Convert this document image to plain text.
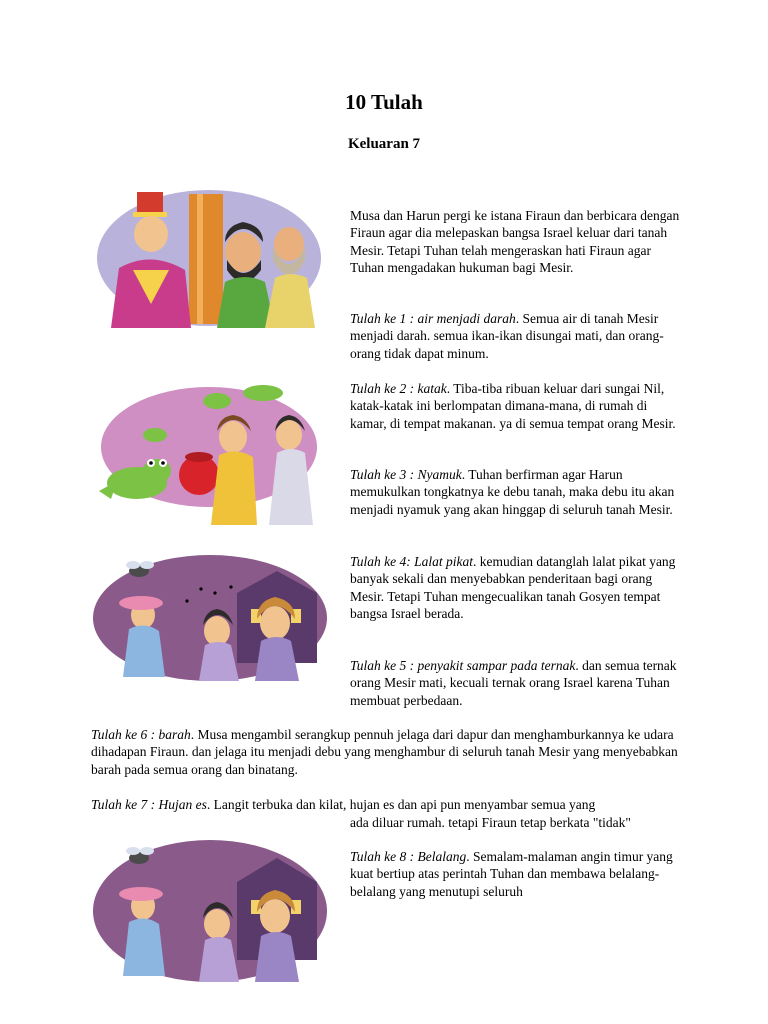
10 Tulah
Keluaran 7

Musa dan Harun pergi ke istana Firaun dan berbicara dengan Firaun agar dia melepaskan bangsa Israel keluar dari tanah Mesir. Tetapi Tuhan telah mengeraskan hati Firaun agar Tuhan mengadakan hukuman bagi Mesir.

Tulah ke 1 : air menjadi darah. Semua air di tanah Mesir menjadi darah. semua ikan-ikan disungai mati, dan orang-orang tidak dapat minum.

Tulah ke 2 : katak. Tiba-tiba ribuan keluar dari sungai Nil, katak-katak ini berlompatan dimana-mana, di rumah di kamar, di tempat makanan. ya di semua tempat orang Mesir.

Tulah ke 3 : Nyamuk. Tuhan berfirman agar Harun memukulkan tongkatnya ke debu tanah, maka debu itu akan menjadi nyamuk yang akan hinggap di seluruh tanah Mesir.

Tulah ke 4: Lalat pikat. kemudian datanglah lalat pikat yang banyak sekali dan menyebabkan penderitaan bagi orang Mesir. Tetapi Tuhan mengecualikan tanah Gosyen tempat bangsa Israel berada.

Tulah ke 5 : penyakit sampar pada ternak. dan semua ternak orang Mesir mati, kecuali ternak orang Israel karena Tuhan membuat perbedaan.

Tulah ke 6 : barah. Musa mengambil serangkup pennuh jelaga dari dapur dan menghamburkannya ke udara dihadapan Firaun. dan jelaga itu menjadi debu yang menghambur di seluruh tanah Mesir yang menyebabkan barah pada semua orang dan binatang.

Tulah ke 7 : Hujan es. Langit terbuka dan kilat, hujan es dan api pun menyambar semua yang

ada diluar rumah. tetapi Firaun tetap berkata "tidak"

Tulah ke 8 : Belalang. Semalam-malaman angin timur yang kuat bertiup atas perintah Tuhan dan membawa belalang-belalang yang menutupi seluruh
